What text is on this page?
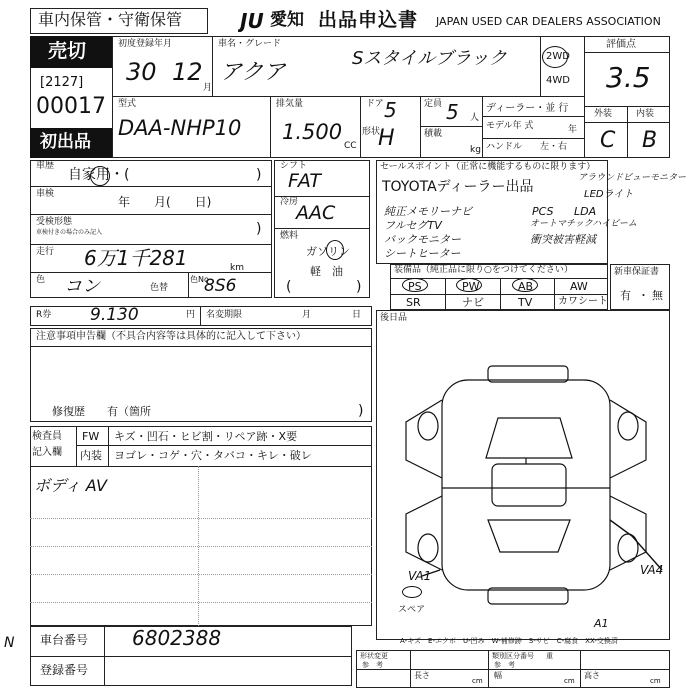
車内保管・守衛保管	JU 愛知 出品申込書 JAPAN USED CAR DEALERS ASSOCIATION
売切
[2127]
00017
初出品
初度登録年月
30 12
月
車名・グレード
アクア
Sスタイルブラック	2WD
4WD
評価点
3.5
外装	内装
C B
型式
DAA-NHP10
排気量
1.500
CC
ドア 5
形状
H
定員 5 人
積載
kg
ディーラー・並 行
モデル年 式	年
ハンドル 左・右
車歴
自家用・(	)
車検
年　　月(　　日)
受検形態
車検付きの場合のみ記入	)
走行 6万1千281	km
色 コン	色替
色No
8S6
シフト
FAT
冷房
AAC
燃料
ガソリン
軽　油
(	)
セールスポイント（正常に機能するものに限ります）
TOYOTAディーラー出品
アラウンドビューモニター
LEDライト
純正メモリーナビ
フルセグTV
バックモニター
シートヒーター
PCS LDA
オートマチックハイビーム
衝突被害軽減
装備品（純正品に限り○をつけてください）
PS	PW	AB	AW
SR	ナビ	TV	カワシート
新車保証書
有 ・ 無
R券 9.130	円 名変期限	月	日 後日品
注意事項申告欄（不具合内容等は具体的に記入して下さい）
修復歴　　有（箇所	)
検査員
記入欄
FW キズ・凹石・ヒビ割・リペア跡・X要
内装 ヨゴレ・コゲ・穴・タバコ・キレ・破レ
ボディ AV
VA1	VA4
A1
スペア
A-キズ　E-エクボ　U-凹み　W-補修跡　S-サビ　C-腐食　XX-交換済
N 車台番号 6802388
登録番号
形状変更
参　考
長さ
cm
類別区分番号
参　考
幅
cm
重
高さ
cm
